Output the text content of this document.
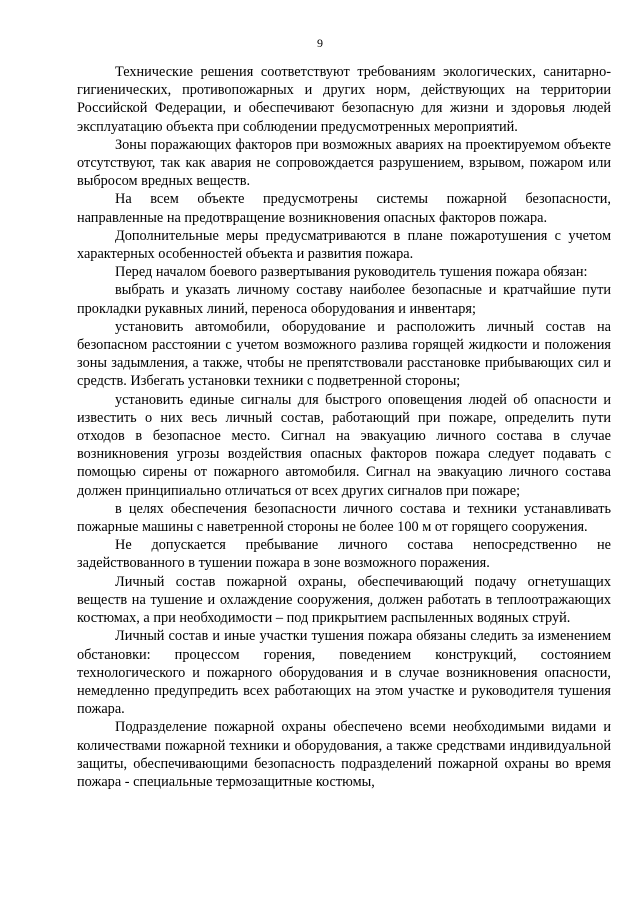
9

Технические решения соответствуют требованиям экологических, санитарно-гигиенических, противопожарных и других норм, действующих на территории Российской Федерации, и обеспечивают безопасную для жизни и здоровья людей эксплуатацию объекта при соблюдении предусмотренных мероприятий.

Зоны поражающих факторов при возможных авариях на проектируемом объекте отсутствуют, так как авария не сопровождается разрушением, взрывом, пожаром или выбросом вредных веществ.

На всем объекте предусмотрены системы пожарной безопасности, направленные на предотвращение возникновения опасных факторов пожара.

Дополнительные меры предусматриваются в плане пожаротушения с учетом характерных особенностей объекта и развития пожара.

Перед началом боевого развертывания руководитель тушения пожара обязан:

выбрать и указать личному составу наиболее безопасные и кратчайшие пути прокладки рукавных линий, переноса оборудования и инвентаря;

установить автомобили, оборудование и расположить личный состав на безопасном расстоянии с учетом возможного разлива горящей жидкости и положения зоны задымления, а также, чтобы не препятствовали расстановке прибывающих сил и средств. Избегать установки техники с подветренной стороны;

установить единые сигналы для быстрого оповещения людей об опасности и известить о них весь личный состав, работающий при пожаре, определить пути отходов в безопасное место. Сигнал на эвакуацию личного состава в случае возникновения угрозы воздействия опасных факторов пожара следует подавать с помощью сирены от пожарного автомобиля. Сигнал на эвакуацию личного состава должен принципиально отличаться от всех других сигналов при пожаре;

в целях обеспечения безопасности личного состава и техники устанавливать пожарные машины с наветренной стороны не более 100 м от горящего сооружения.

Не допускается пребывание личного состава непосредственно не задействованного в тушении пожара в зоне возможного поражения.

Личный состав пожарной охраны, обеспечивающий подачу огнетушащих веществ на тушение и охлаждение сооружения, должен работать в теплоотражающих костюмах, а при необходимости – под прикрытием распыленных водяных струй.

Личный состав и иные участки тушения пожара обязаны следить за изменением обстановки: процессом горения, поведением конструкций, состоянием технологического и пожарного оборудования и в случае возникновения опасности, немедленно предупредить всех работающих на этом участке и руководителя тушения пожара.

Подразделение пожарной охраны обеспечено всеми необходимыми видами и количествами пожарной техники и оборудования, а также средствами индивидуальной защиты, обеспечивающими безопасность подразделений пожарной охраны во время пожара - специальные термозащитные костюмы,
